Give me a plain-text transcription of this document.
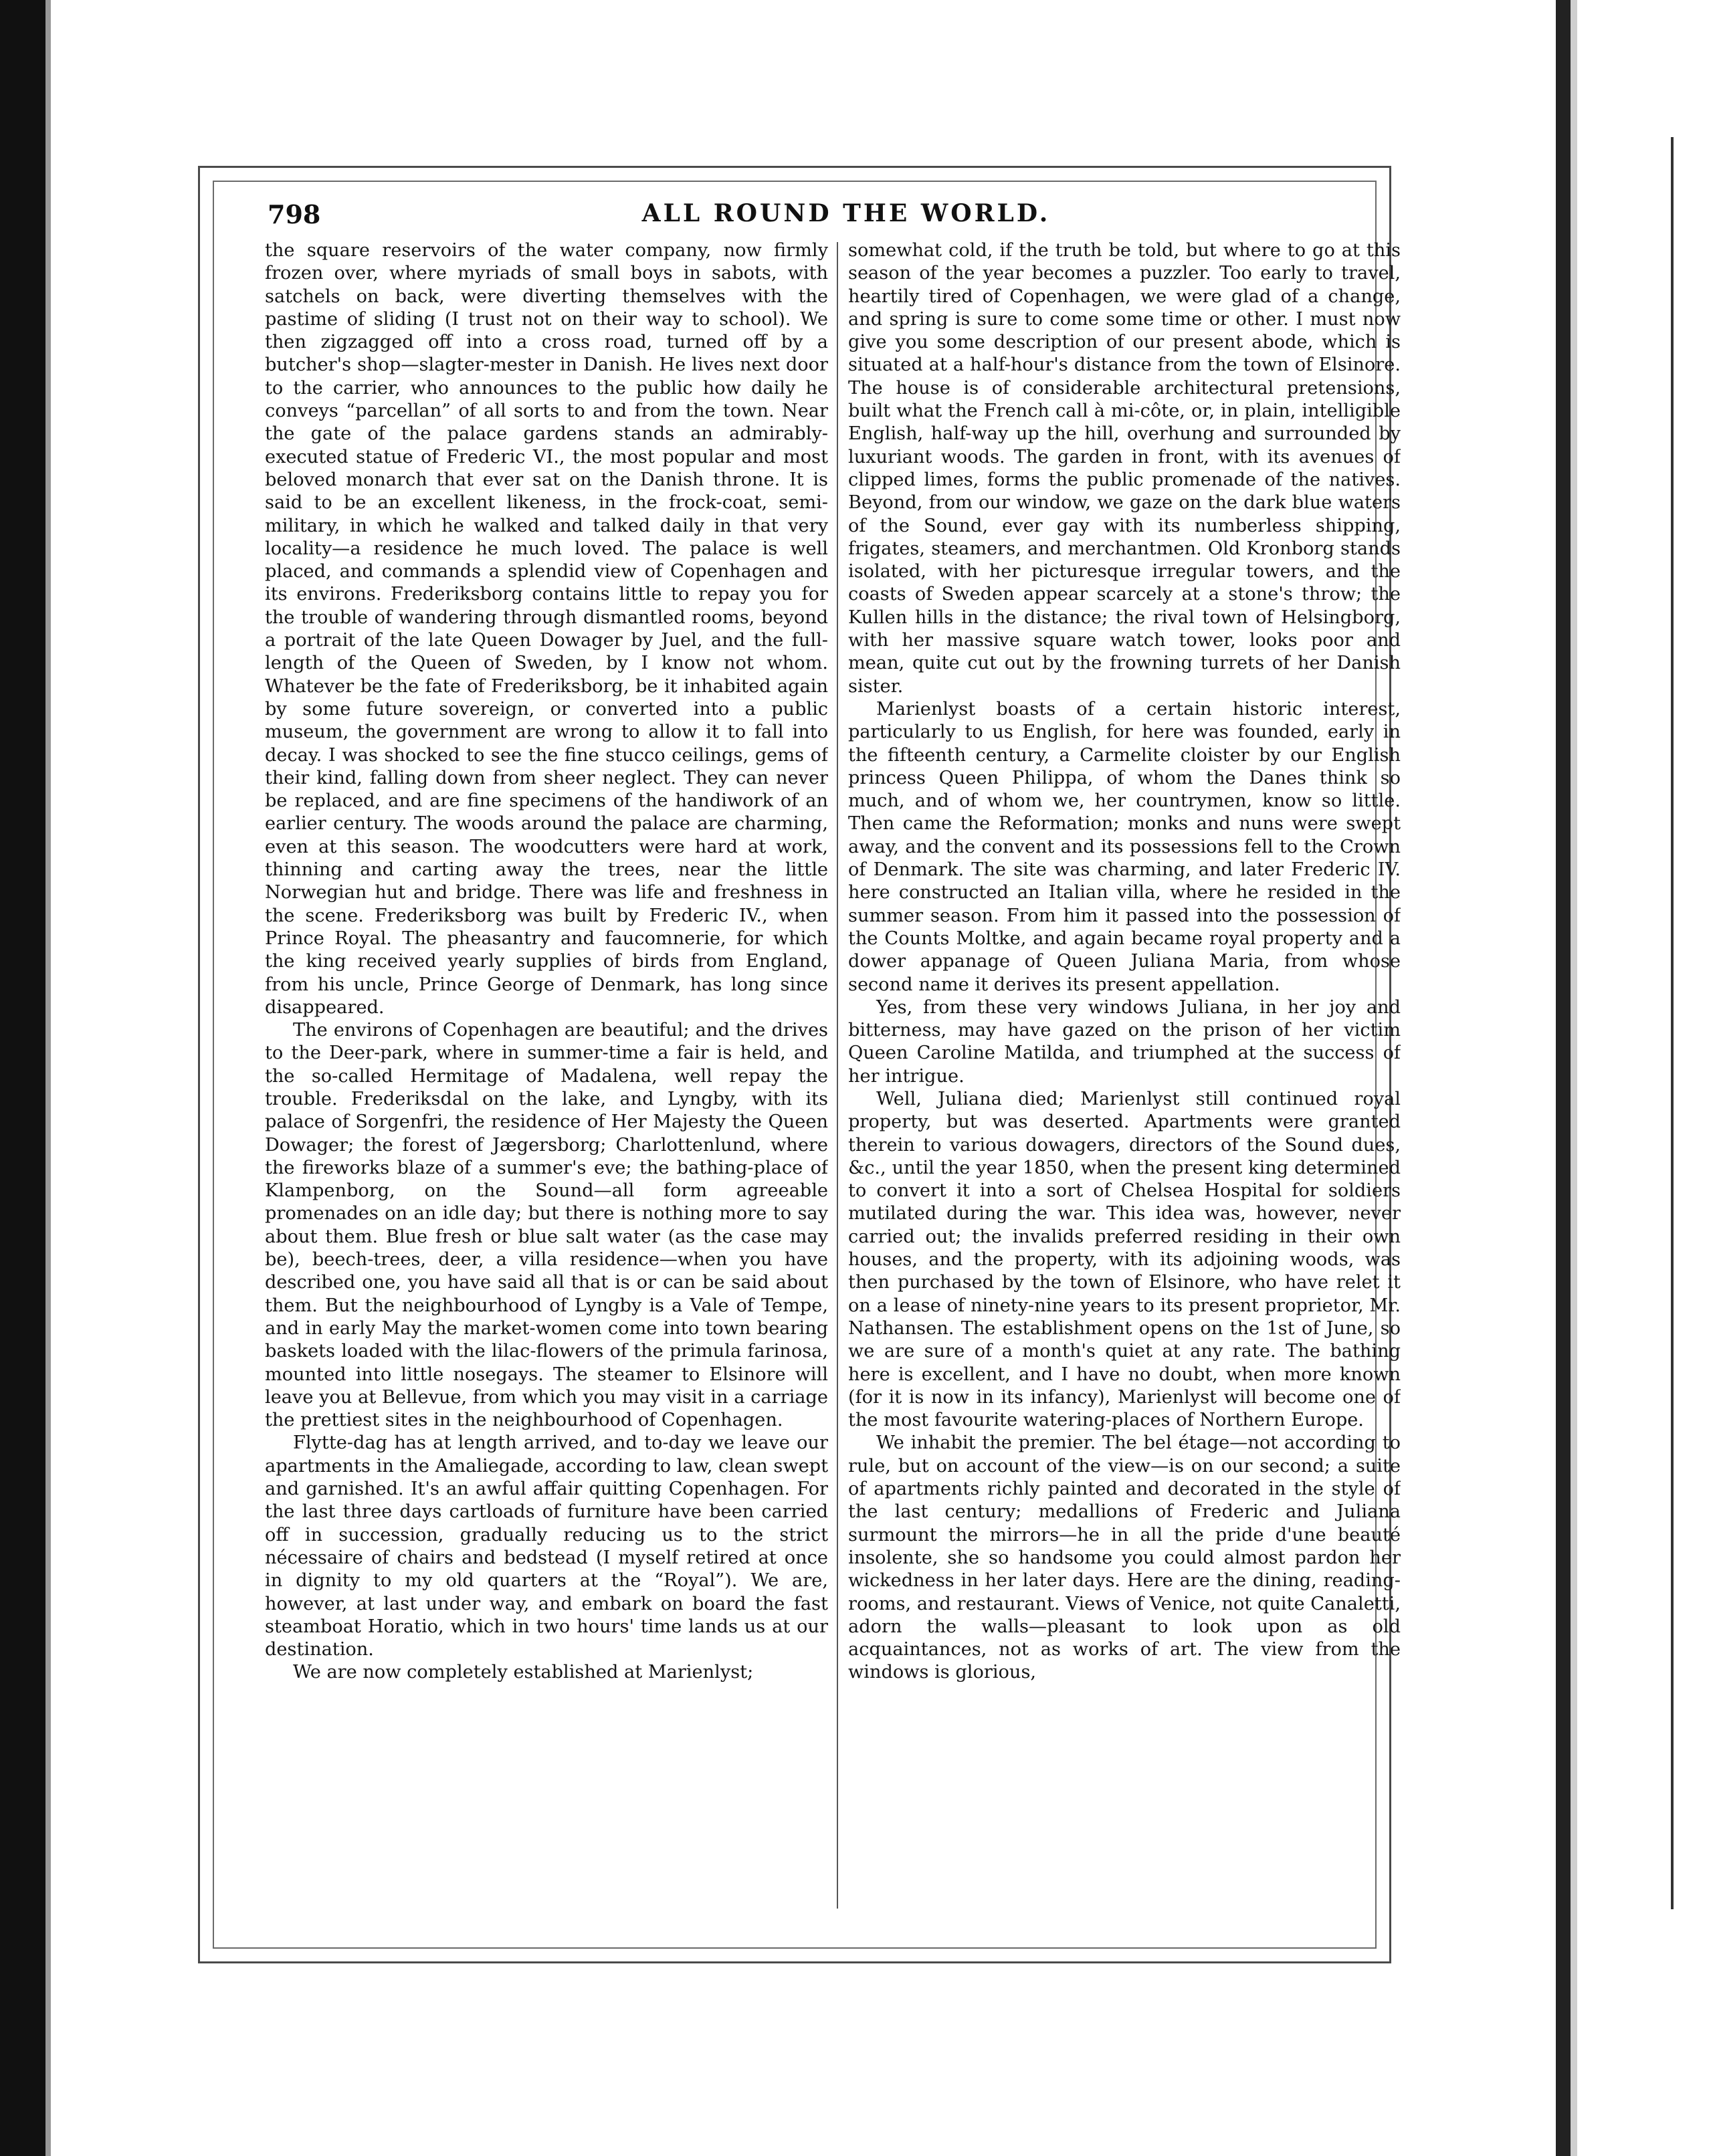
798	ALL ROUND THE WORLD.

the square reservoirs of the water company, now firmly frozen over, where myriads of small boys in sabots, with satchels on back, were diverting themselves with the pastime of sliding (I trust not on their way to school). We then zigzagged off into a cross road, turned off by a butcher's shop—slagter-mester in Danish. He lives next door to the carrier, who announces to the public how daily he conveys “parcellan” of all sorts to and from the town. Near the gate of the palace gardens stands an admirably-executed statue of Frederic VI., the most popular and most beloved monarch that ever sat on the Danish throne. It is said to be an excellent likeness, in the frock-coat, semi-military, in which he walked and talked daily in that very locality—a residence he much loved. The palace is well placed, and commands a splendid view of Copenhagen and its environs. Frederiksborg contains little to repay you for the trouble of wandering through dismantled rooms, beyond a portrait of the late Queen Dowager by Juel, and the full-length of the Queen of Sweden, by I know not whom. Whatever be the fate of Frederiksborg, be it inhabited again by some future sovereign, or converted into a public museum, the government are wrong to allow it to fall into decay. I was shocked to see the fine stucco ceilings, gems of their kind, falling down from sheer neglect. They can never be replaced, and are fine specimens of the handiwork of an earlier century. The woods around the palace are charming, even at this season. The woodcutters were hard at work, thinning and carting away the trees, near the little Norwegian hut and bridge. There was life and freshness in the scene. Frederiksborg was built by Frederic IV., when Prince Royal. The pheasantry and faucomnerie, for which the king received yearly supplies of birds from England, from his uncle, Prince George of Denmark, has long since disappeared.

The environs of Copenhagen are beautiful; and the drives to the Deer-park, where in summer-time a fair is held, and the so-called Hermitage of Madalena, well repay the trouble. Frederiksdal on the lake, and Lyngby, with its palace of Sorgenfri, the residence of Her Majesty the Queen Dowager; the forest of Jægersborg; Charlottenlund, where the fireworks blaze of a summer's eve; the bathing-place of Klampenborg, on the Sound—all form agreeable promenades on an idle day; but there is nothing more to say about them. Blue fresh or blue salt water (as the case may be), beech-trees, deer, a villa residence—when you have described one, you have said all that is or can be said about them. But the neighbourhood of Lyngby is a Vale of Tempe, and in early May the market-women come into town bearing baskets loaded with the lilac-flowers of the primula farinosa, mounted into little nosegays. The steamer to Elsinore will leave you at Bellevue, from which you may visit in a carriage the prettiest sites in the neighbourhood of Copenhagen.

Flytte-dag has at length arrived, and to-day we leave our apartments in the Amaliegade, according to law, clean swept and garnished. It's an awful affair quitting Copenhagen. For the last three days cartloads of furniture have been carried off in succession, gradually reducing us to the strict nécessaire of chairs and bedstead (I myself retired at once in dignity to my old quarters at the “Royal”). We are, however, at last under way, and embark on board the fast steamboat Horatio, which in two hours' time lands us at our destination.

We are now completely established at Marienlyst;

somewhat cold, if the truth be told, but where to go at this season of the year becomes a puzzler. Too early to travel, heartily tired of Copenhagen, we were glad of a change, and spring is sure to come some time or other. I must now give you some description of our present abode, which is situated at a half-hour's distance from the town of Elsinore. The house is of considerable architectural pretensions, built what the French call à mi-côte, or, in plain, intelligible English, half-way up the hill, overhung and surrounded by luxuriant woods. The garden in front, with its avenues of clipped limes, forms the public promenade of the natives. Beyond, from our window, we gaze on the dark blue waters of the Sound, ever gay with its numberless shipping, frigates, steamers, and merchantmen. Old Kronborg stands isolated, with her picturesque irregular towers, and the coasts of Sweden appear scarcely at a stone's throw; the Kullen hills in the distance; the rival town of Helsingborg, with her massive square watch tower, looks poor and mean, quite cut out by the frowning turrets of her Danish sister.

Marienlyst boasts of a certain historic interest, particularly to us English, for here was founded, early in the fifteenth century, a Carmelite cloister by our English princess Queen Philippa, of whom the Danes think so much, and of whom we, her countrymen, know so little. Then came the Reformation; monks and nuns were swept away, and the convent and its possessions fell to the Crown of Denmark. The site was charming, and later Frederic IV. here constructed an Italian villa, where he resided in the summer season. From him it passed into the possession of the Counts Moltke, and again became royal property and a dower appanage of Queen Juliana Maria, from whose second name it derives its present appellation.

Yes, from these very windows Juliana, in her joy and bitterness, may have gazed on the prison of her victim Queen Caroline Matilda, and triumphed at the success of her intrigue.

Well, Juliana died; Marienlyst still continued royal property, but was deserted. Apartments were granted therein to various dowagers, directors of the Sound dues, &c., until the year 1850, when the present king determined to convert it into a sort of Chelsea Hospital for soldiers mutilated during the war. This idea was, however, never carried out; the invalids preferred residing in their own houses, and the property, with its adjoining woods, was then purchased by the town of Elsinore, who have relet it on a lease of ninety-nine years to its present proprietor, Mr. Nathansen. The establishment opens on the 1st of June, so we are sure of a month's quiet at any rate. The bathing here is excellent, and I have no doubt, when more known (for it is now in its infancy), Marienlyst will become one of the most favourite watering-places of Northern Europe.

We inhabit the premier. The bel étage—not according to rule, but on account of the view—is on our second; a suite of apartments richly painted and decorated in the style of the last century; medallions of Frederic and Juliana surmount the mirrors—he in all the pride d'une beauté insolente, she so handsome you could almost pardon her wickedness in her later days. Here are the dining, reading-rooms, and restaurant. Views of Venice, not quite Canaletti, adorn the walls—pleasant to look upon as old acquaintances, not as works of art. The view from the windows is glorious,
